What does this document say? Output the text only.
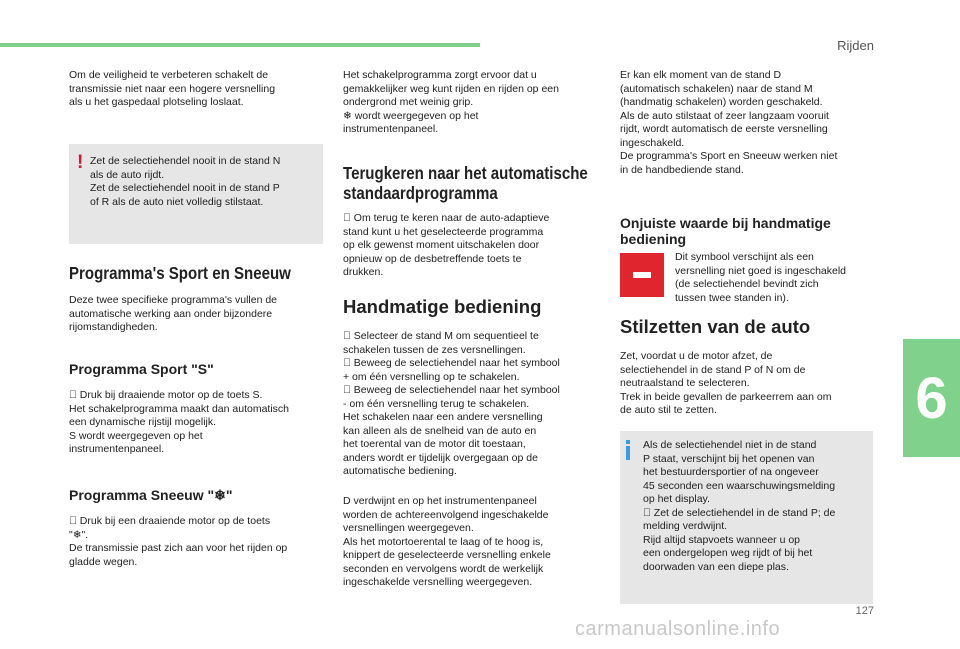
Rijden
6
127
carmanualsonline.info

Om de veiligheid te verbeteren schakelt de
transmissie niet naar een hogere versnelling
als u het gaspedaal plotseling loslaat.

! Zet de selectiehendel nooit in de stand N
als de auto rijdt.
Zet de selectiehendel nooit in de stand P
of R als de auto niet volledig stilstaat.

Programma's Sport en Sneeuw

Deze twee specifieke programma's vullen de
automatische werking aan onder bijzondere
rijomstandigheden.

Programma Sport "S"

Druk bij draaiende motor op de toets S.
Het schakelprogramma maakt dan automatisch
een dynamische rijstijl mogelijk.
S wordt weergegeven op het
instrumentenpaneel.

Programma Sneeuw "❄"

Druk bij een draaiende motor op de toets
"❄".
De transmissie past zich aan voor het rijden op
gladde wegen.

Het schakelprogramma zorgt ervoor dat u
gemakkelijker weg kunt rijden en rijden op een
ondergrond met weinig grip.
❄ wordt weergegeven op het
instrumentenpaneel.

Terugkeren naar het automatische
standaardprogramma

Om terug te keren naar de auto-adaptieve
stand kunt u het geselecteerde programma
op elk gewenst moment uitschakelen door
opnieuw op de desbetreffende toets te
drukken.

Handmatige bediening

Selecteer de stand M om sequentieel te
schakelen tussen de zes versnellingen.
Beweeg de selectiehendel naar het symbool
+ om één versnelling op te schakelen.
Beweeg de selectiehendel naar het symbool
- om één versnelling terug te schakelen.
Het schakelen naar een andere versnelling
kan alleen als de snelheid van de auto en
het toerental van de motor dit toestaan,
anders wordt er tijdelijk overgegaan op de
automatische bediening.

D verdwijnt en op het instrumentenpaneel
worden de achtereenvolgend ingeschakelde
versnellingen weergegeven.
Als het motortoerental te laag of te hoog is,
knippert de geselecteerde versnelling enkele
seconden en vervolgens wordt de werkelijk
ingeschakelde versnelling weergegeven.

Er kan elk moment van de stand D
(automatisch schakelen) naar de stand M
(handmatig schakelen) worden geschakeld.
Als de auto stilstaat of zeer langzaam vooruit
rijdt, wordt automatisch de eerste versnelling
ingeschakeld.
De programma's Sport en Sneeuw werken niet
in de handbediende stand.

Onjuiste waarde bij handmatige
bediening

Dit symbool verschijnt als een
versnelling niet goed is ingeschakeld
(de selectiehendel bevindt zich
tussen twee standen in).

Stilzetten van de auto

Zet, voordat u de motor afzet, de
selectiehendel in de stand P of N om de
neutraalstand te selecteren.
Trek in beide gevallen de parkeerrem aan om
de auto stil te zetten.

Als de selectiehendel niet in de stand
P staat, verschijnt bij het openen van
het bestuurdersportier of na ongeveer
45 seconden een waarschuwingsmelding
op het display.
Zet de selectiehendel in de stand P; de
melding verdwijnt.
Rijd altijd stapvoets wanneer u op
een ondergelopen weg rijdt of bij het
doorwaden van een diepe plas.
